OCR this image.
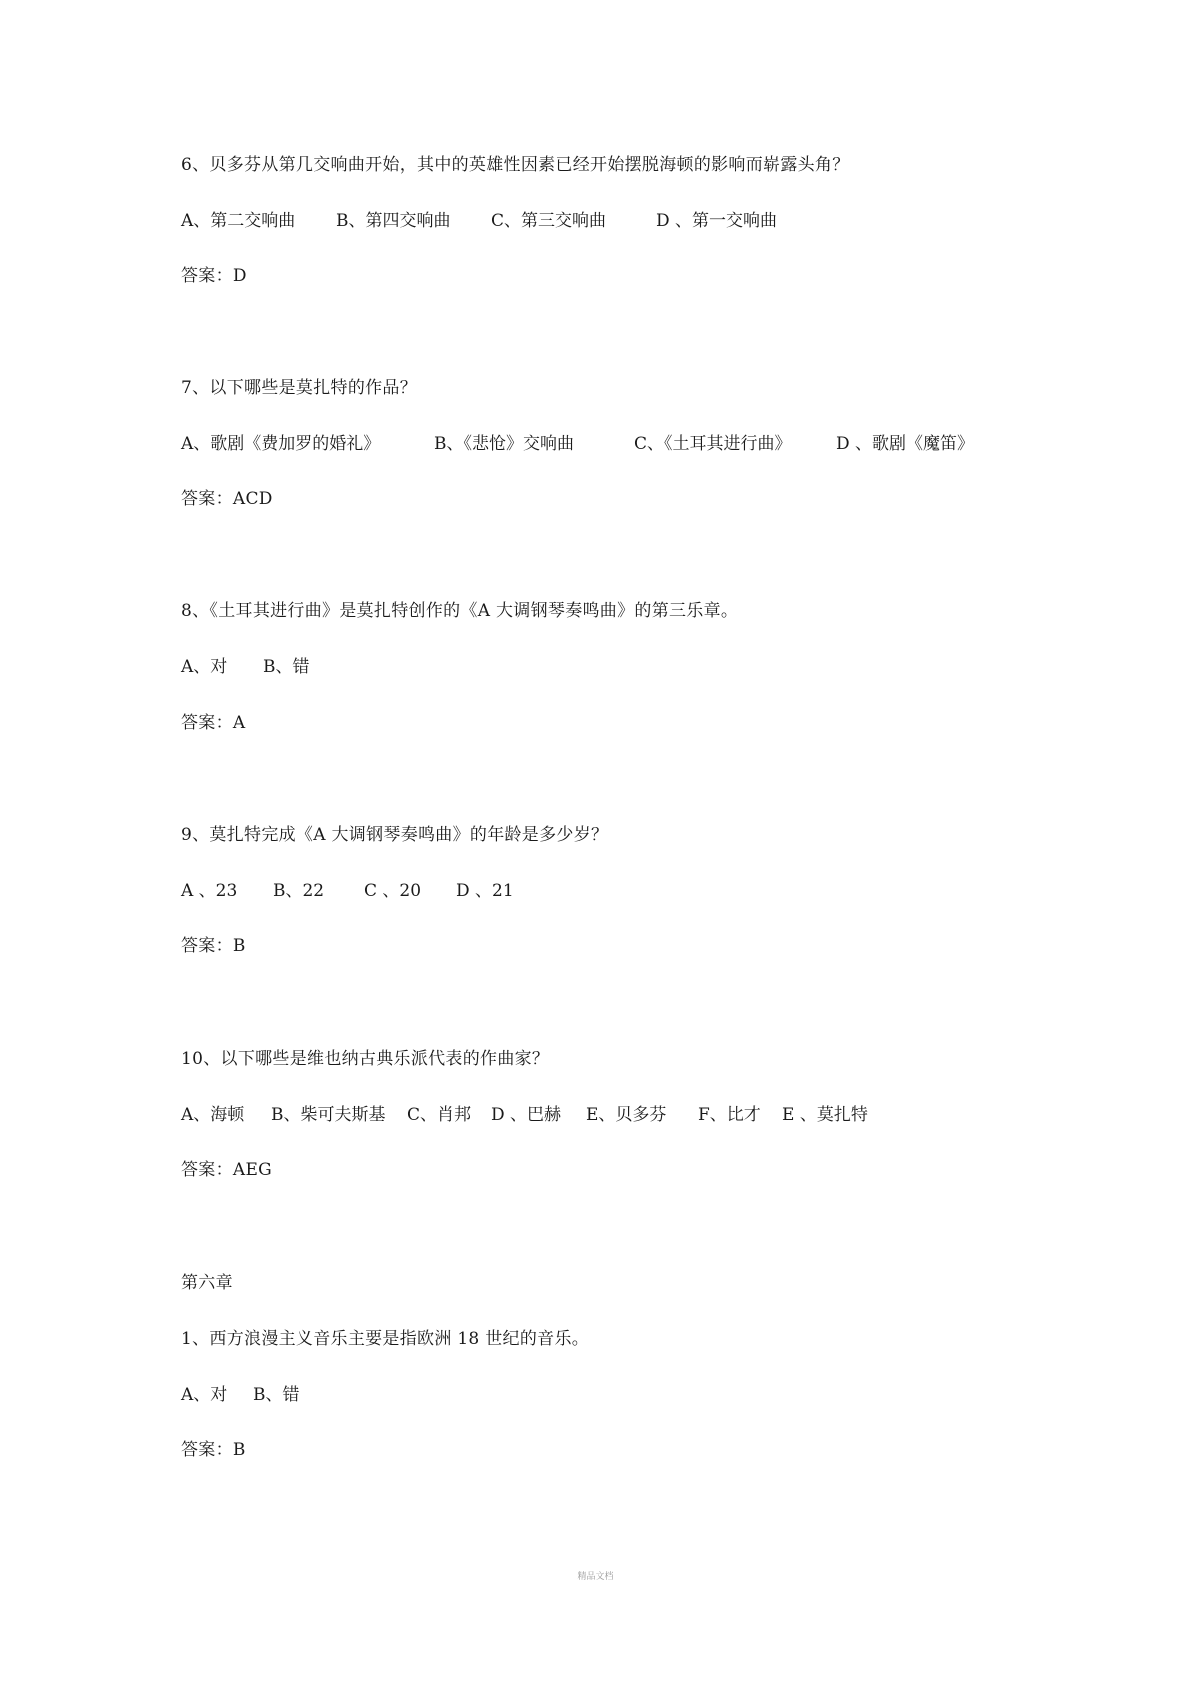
6、贝多芬从第几交响曲开始，其中的英雄性因素已经开始摆脱海顿的影响而崭露头角？
A、第二交响曲 B、第四交响曲 C、第三交响曲	D 、第一交响曲
答案：D
7、以下哪些是莫扎特的作品？
A、歌剧《费加罗的婚礼》	B、《悲怆》交响曲	C、《土耳其进行曲》	D 、歌剧《魔笛》
答案：ACD
8、《土耳其进行曲》是莫扎特创作的《A 大调钢琴奏鸣曲》的第三乐章。
A、对 B、错
答案：A
9、莫扎特完成《A 大调钢琴奏鸣曲》的年龄是多少岁？
A 、23 B、22 C 、20 D 、21
答案：B
10、以下哪些是维也纳古典乐派代表的作曲家？
A、海顿 B、柴可夫斯基 C、肖邦 D 、巴赫 E、贝多芬 F、比才 E 、莫扎特
答案：AEG
第六章
1、西方浪漫主义音乐主要是指欧洲 18 世纪的音乐。
A、对 B、错
答案：B
精品文档
